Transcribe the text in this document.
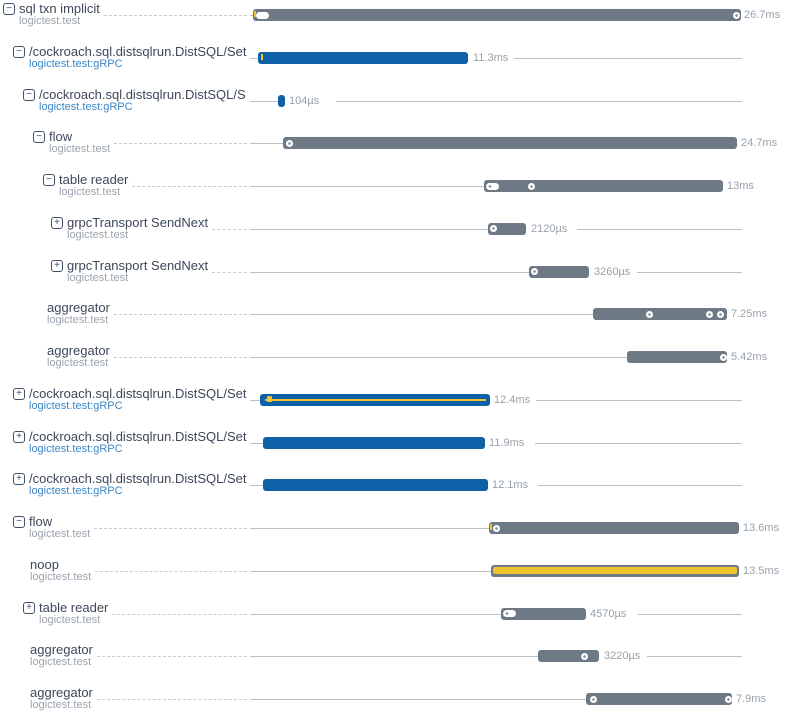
− sql txn implicit
logictest.test	26.7ms
− /cockroach.sql.distsqlrun.DistSQL/Set
logictest.test:gRPC	11.3ms
− /cockroach.sql.distsqlrun.DistSQL/S
logictest.test:gRPC	104µs
− flow
logictest.test	24.7ms
− table reader
logictest.test	13ms
+ grpcTransport SendNext
logictest.test	2120µs
+ grpcTransport SendNext
logictest.test	3260µs
aggregator
logictest.test	7.25ms
aggregator
logictest.test	5.42ms
+ /cockroach.sql.distsqlrun.DistSQL/Set
logictest.test:gRPC	12.4ms
+ /cockroach.sql.distsqlrun.DistSQL/Set
logictest.test:gRPC	11.9ms
+ /cockroach.sql.distsqlrun.DistSQL/Set
logictest.test:gRPC	12.1ms
− flow
logictest.test	13.6ms
noop
logictest.test	13.5ms
+ table reader
logictest.test	4570µs
aggregator
logictest.test	3220µs
aggregator
logictest.test	7.9ms
